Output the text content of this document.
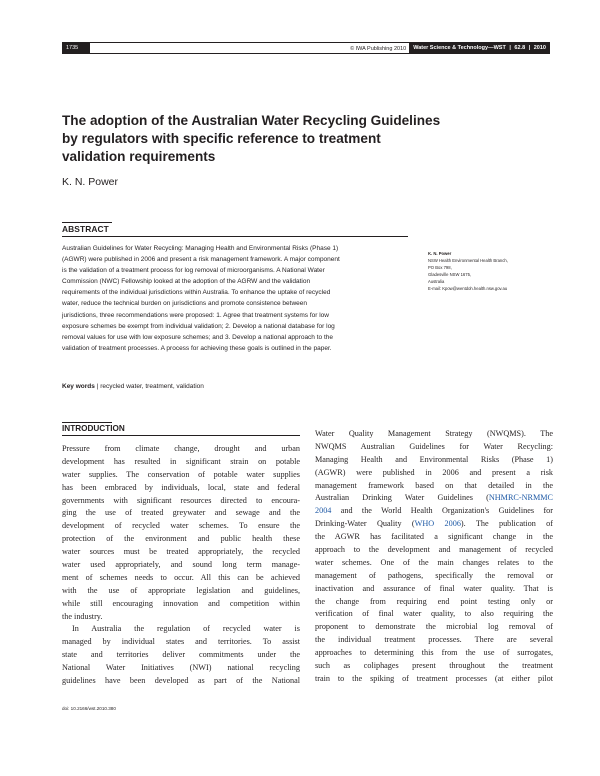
1735	© IWA Publishing 2010	Water Science & Technology—WST | 62.8 | 2010
The adoption of the Australian Water Recycling Guidelines by regulators with specific reference to treatment validation requirements
K. N. Power
ABSTRACT
Australian Guidelines for Water Recycling: Managing Health and Environmental Risks (Phase 1)
(AGWR) were published in 2006 and present a risk management framework. A major component
is the validation of a treatment process for log removal of microorganisms. A National Water
Commission (NWC) Fellowship looked at the adoption of the AGRW and the validation
requirements of the individual jurisdictions within Australia. To enhance the uptake of recycled
water, reduce the technical burden on jurisdictions and promote consistence between
jurisdictions, three recommendations were proposed: 1. Agree that treatment systems for low
exposure schemes be exempt from individual validation; 2. Develop a national database for log
removal values for use with low exposure schemes; and 3. Develop a national approach to the
validation of treatment processes. A process for achieving these goals is outlined in the paper.
Key words | recycled water, treatment, validation
K. N. Power
NSW Health Environmental Health Branch,
PO Box 798,
Gladesville NSW 1675,
Australia
E-mail: Kpow@wentdoh.health.nsw.gov.au
INTRODUCTION
Pressure from climate change, drought and urban
development has resulted in significant strain on potable
water supplies. The conservation of potable water supplies
has been embraced by individuals, local, state and federal
governments with significant resources directed to encoura-
ging the use of treated greywater and sewage and the
development of recycled water schemes. To ensure the
protection of the environment and public health these
water sources must be treated appropriately, the recycled
water used appropriately, and sound long term manage-
ment of schemes needs to occur. All this can be achieved
with the use of appropriate legislation and guidelines,
while still encouraging innovation and competition within
the industry.
In Australia the regulation of recycled water is
managed by individual states and territories. To assist
state and territories deliver commitments under the
National Water Initiatives (NWI) national recycling
guidelines have been developed as part of the National
Water Quality Management Strategy (NWQMS). The
NWQMS Australian Guidelines for Water Recycling:
Managing Health and Environmental Risks (Phase 1)
(AGWR) were published in 2006 and present a risk
management framework based on that detailed in the
Australian Drinking Water Guidelines (NHMRC-NRMMC
2004 and the World Health Organization's Guidelines for
Drinking-Water Quality (WHO 2006). The publication of
the AGWR has facilitated a significant change in the
approach to the development and management of recycled
water schemes. One of the main changes relates to the
management of pathogens, specifically the removal or
inactivation and assurance of final water quality. That is
the change from requiring end point testing only or
verification of final water quality, to also requiring the
proponent to demonstrate the microbial log removal of
the individual treatment processes. There are several
approaches to determining this from the use of surrogates,
such as coliphages present throughout the treatment
train to the spiking of treatment processes (at either pilot
doi: 10.2166/wst.2010.380
